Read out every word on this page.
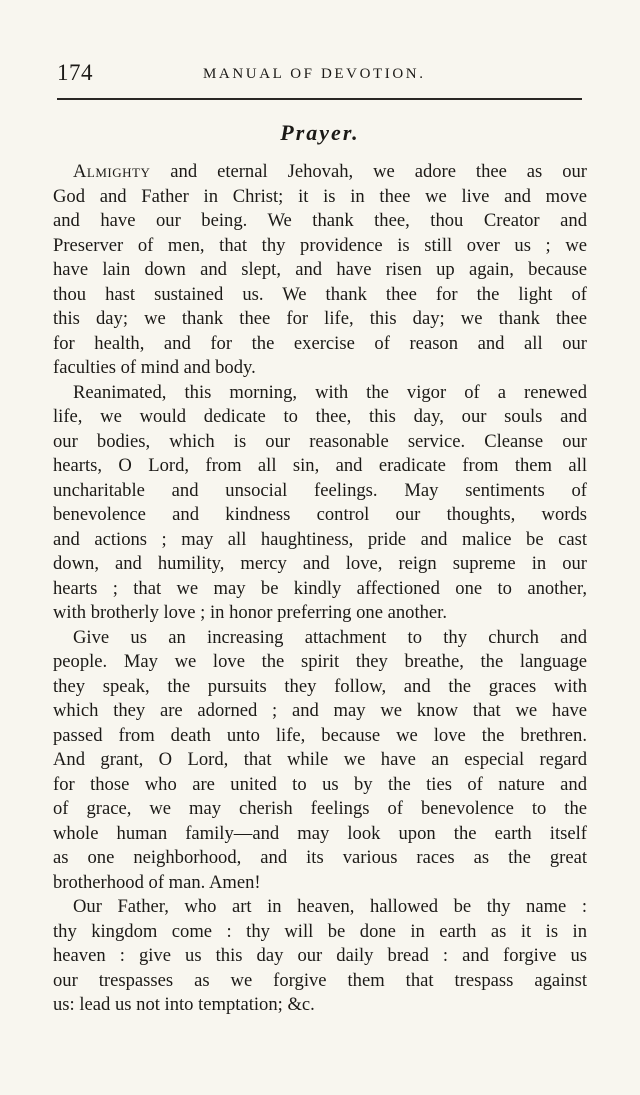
174	MANUAL OF DEVOTION.
Prayer.
Almighty and eternal Jehovah, we adore thee as our
God and Father in Christ; it is in thee we live and move
and have our being. We thank thee, thou Creator and
Preserver of men, that thy providence is still over us ; we
have lain down and slept, and have risen up again, because
thou hast sustained us. We thank thee for the light of
this day; we thank thee for life, this day; we thank thee
for health, and for the exercise of reason and all our
faculties of mind and body.
Reanimated, this morning, with the vigor of a renewed
life, we would dedicate to thee, this day, our souls and
our bodies, which is our reasonable service. Cleanse our
hearts, O Lord, from all sin, and eradicate from them all
uncharitable and unsocial feelings. May sentiments of
benevolence and kindness control our thoughts, words
and actions ; may all haughtiness, pride and malice be cast
down, and humility, mercy and love, reign supreme in our
hearts ; that we may be kindly affectioned one to another,
with brotherly love ; in honor preferring one another.
Give us an increasing attachment to thy church and
people. May we love the spirit they breathe, the language
they speak, the pursuits they follow, and the graces with
which they are adorned ; and may we know that we have
passed from death unto life, because we love the brethren.
And grant, O Lord, that while we have an especial regard
for those who are united to us by the ties of nature and
of grace, we may cherish feelings of benevolence to the
whole human family—and may look upon the earth itself
as one neighborhood, and its various races as the great
brotherhood of man. Amen!
Our Father, who art in heaven, hallowed be thy name :
thy kingdom come : thy will be done in earth as it is in
heaven : give us this day our daily bread : and forgive us
our trespasses as we forgive them that trespass against
us: lead us not into temptation; &c.
